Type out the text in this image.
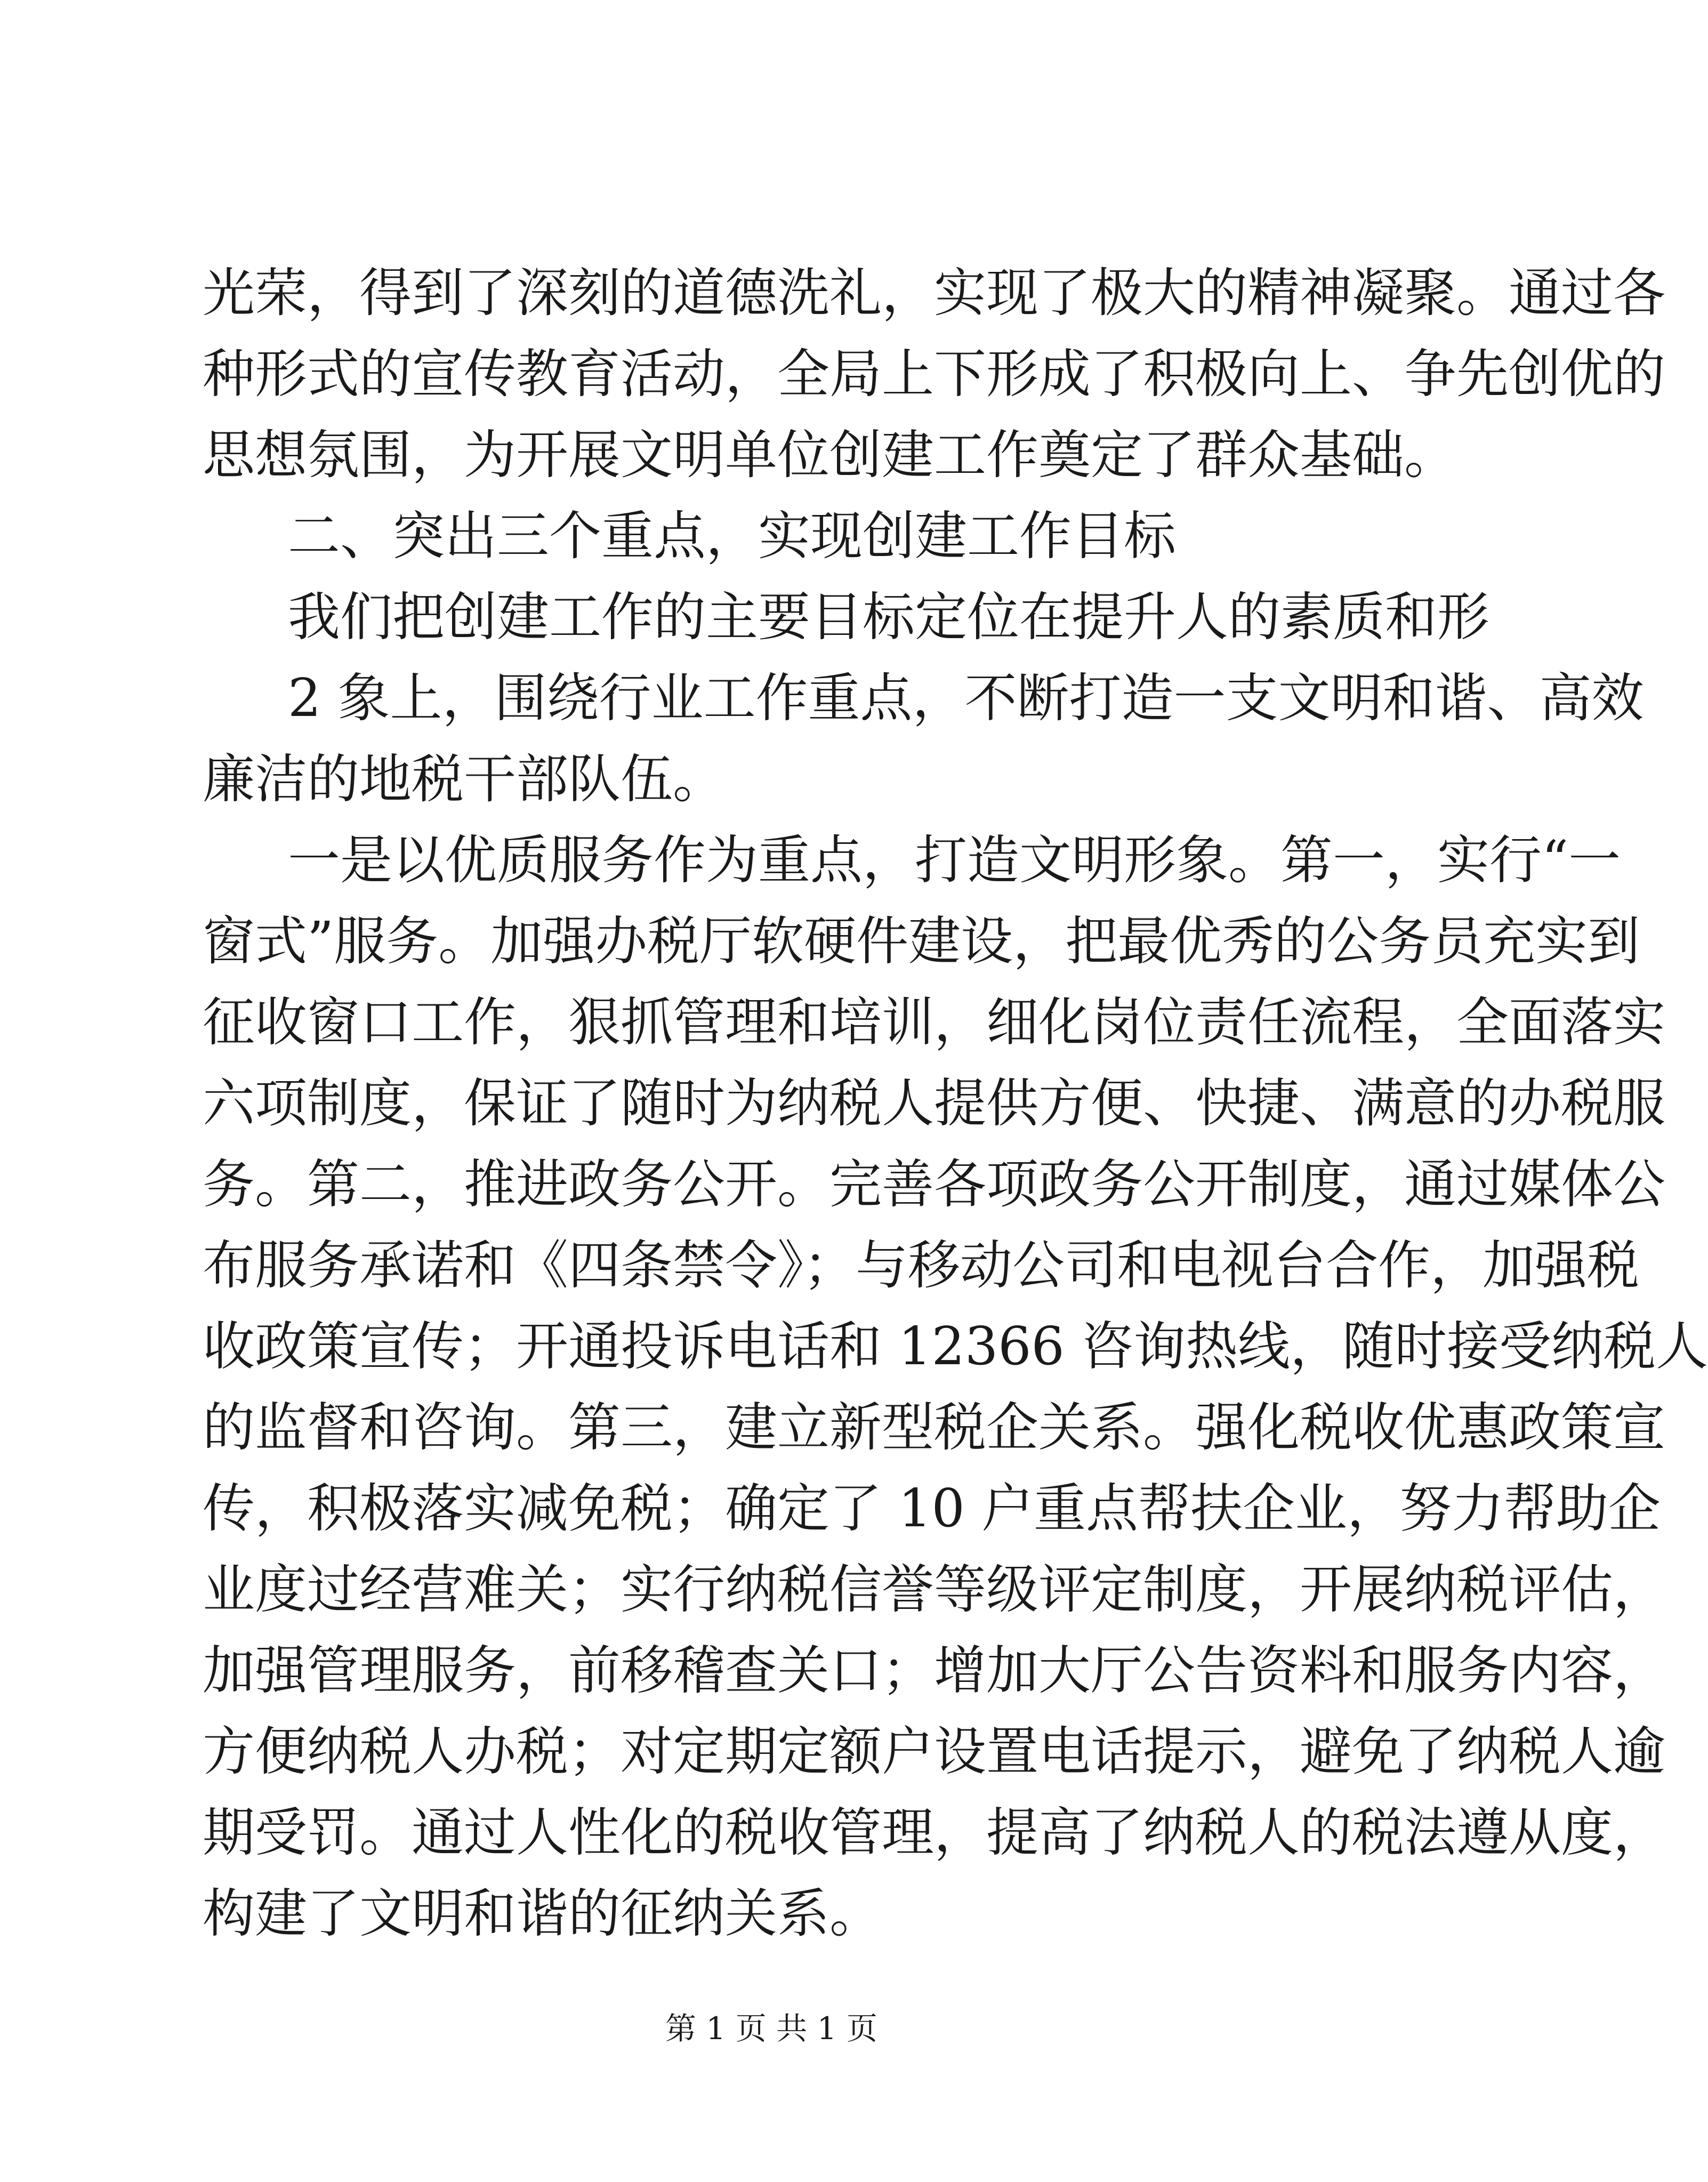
光荣，得到了深刻的道德洗礼，实现了极大的精神凝聚。通过各
种形式的宣传教育活动，全局上下形成了积极向上、争先创优的
思想氛围，为开展文明单位创建工作奠定了群众基础。
二、突出三个重点，实现创建工作目标
我们把创建工作的主要目标定位在提升人的素质和形
2 象上，围绕行业工作重点，不断打造一支文明和谐、高效
廉洁的地税干部队伍。
一是以优质服务作为重点，打造文明形象。第一，实行“一
窗式”服务。加强办税厅软硬件建设，把最优秀的公务员充实到
征收窗口工作，狠抓管理和培训，细化岗位责任流程，全面落实
六项制度，保证了随时为纳税人提供方便、快捷、满意的办税服
务。第二，推进政务公开。完善各项政务公开制度，通过媒体公
布服务承诺和《四条禁令》；与移动公司和电视台合作，加强税
收政策宣传；开通投诉电话和 12366 咨询热线，随时接受纳税人
的监督和咨询。第三，建立新型税企关系。强化税收优惠政策宣
传，积极落实减免税；确定了 10 户重点帮扶企业，努力帮助企
业度过经营难关；实行纳税信誉等级评定制度，开展纳税评估，
加强管理服务，前移稽查关口；增加大厅公告资料和服务内容，
方便纳税人办税；对定期定额户设置电话提示，避免了纳税人逾
期受罚。通过人性化的税收管理，提高了纳税人的税法遵从度，
构建了文明和谐的征纳关系。
第 1 页 共 1 页
